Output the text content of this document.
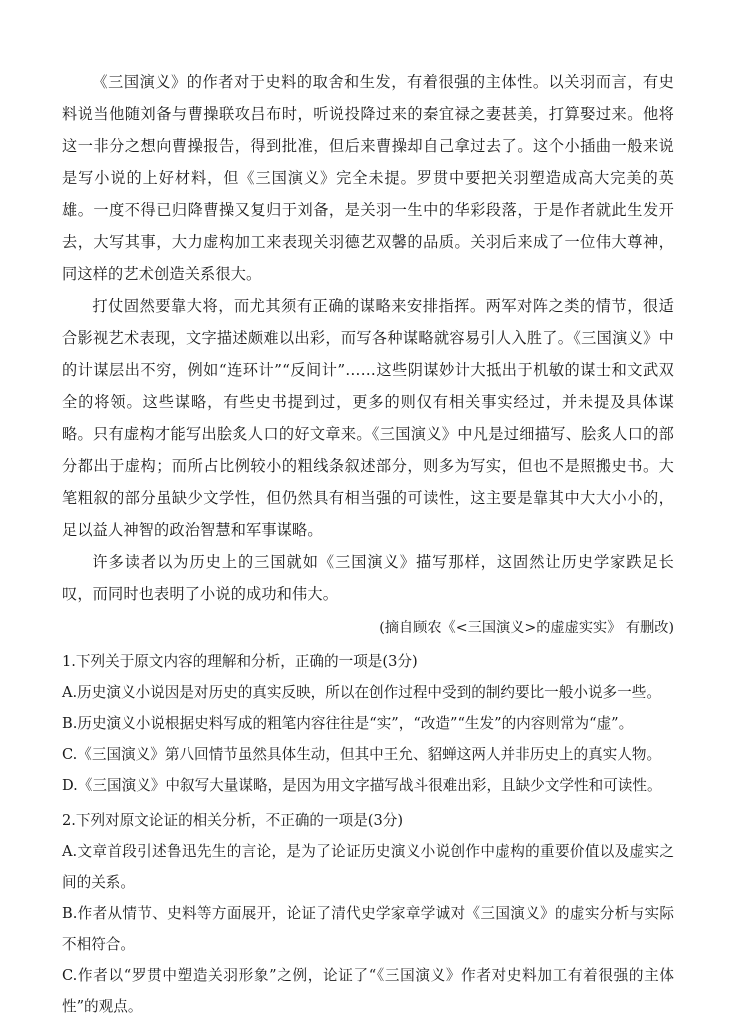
《三国演义》的作者对于史料的取舍和生发，有着很强的主体性。以关羽而言，有史料说当他随刘备与曹操联攻吕布时，听说投降过来的秦宜禄之妻甚美，打算娶过来。他将这一非分之想向曹操报告，得到批准，但后来曹操却自己拿过去了。这个小插曲一般来说是写小说的上好材料，但《三国演义》完全未提。罗贯中要把关羽塑造成高大完美的英雄。一度不得已归降曹操又复归于刘备，是关羽一生中的华彩段落，于是作者就此生发开去，大写其事，大力虚构加工来表现关羽德艺双馨的品质。关羽后来成了一位伟大尊神，同这样的艺术创造关系很大。

打仗固然要靠大将，而尤其须有正确的谋略来安排指挥。两军对阵之类的情节，很适合影视艺术表现，文字描述颇难以出彩，而写各种谋略就容易引人入胜了。《三国演义》中的计谋层出不穷，例如“连环计”“反间计”……这些阴谋妙计大抵出于机敏的谋士和文武双全的将领。这些谋略，有些史书提到过，更多的则仅有相关事实经过，并未提及具体谋略。只有虚构才能写出脍炙人口的好文章来。《三国演义》中凡是过细描写、脍炙人口的部分都出于虚构；而所占比例较小的粗线条叙述部分，则多为写实，但也不是照搬史书。大笔粗叙的部分虽缺少文学性，但仍然具有相当强的可读性，这主要是靠其中大大小小的，足以益人神智的政治智慧和军事谋略。

许多读者以为历史上的三国就如《三国演义》描写那样，这固然让历史学家跌足长叹，而同时也表明了小说的成功和伟大。

(摘自顾农《<三国演义>的虚虚实实》 有删改)

1.下列关于原文内容的理解和分析，正确的一项是(3分)

A.历史演义小说因是对历史的真实反映，所以在创作过程中受到的制约要比一般小说多一些。

B.历史演义小说根据史料写成的粗笔内容往往是“实”，“改造”“生发”的内容则常为“虚”。

C.《三国演义》第八回情节虽然具体生动，但其中王允、貂蝉这两人并非历史上的真实人物。

D.《三国演义》中叙写大量谋略，是因为用文字描写战斗很难出彩，且缺少文学性和可读性。

2.下列对原文论证的相关分析，不正确的一项是(3分)

A.文章首段引述鲁迅先生的言论，是为了论证历史演义小说创作中虚构的重要价值以及虚实之间的关系。

B.作者从情节、史料等方面展开，论证了清代史学家章学诚对《三国演义》的虚实分析与实际不相符合。

C.作者以“罗贯中塑造关羽形象”之例，论证了“《三国演义》作者对史料加工有着很强的主体性”的观点。
